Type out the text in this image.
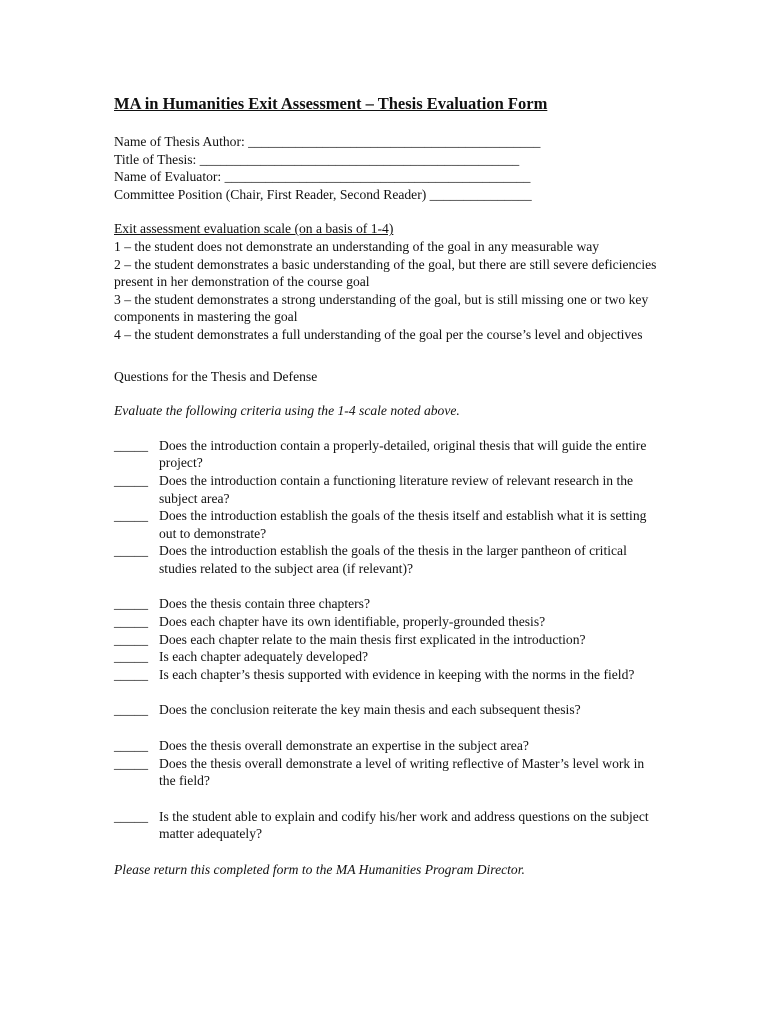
MA in Humanities Exit Assessment – Thesis Evaluation Form

Name of Thesis Author: ___________________________________________

Title of Thesis: _______________________________________________

Name of Evaluator: _____________________________________________

Committee Position (Chair, First Reader, Second Reader) _______________

Exit assessment evaluation scale (on a basis of 1-4)

1 – the student does not demonstrate an understanding of the goal in any measurable way

2 – the student demonstrates a basic understanding of the goal, but there are still severe deficiencies present in her demonstration of the course goal

3 – the student demonstrates a strong understanding of the goal, but is still missing one or two key components in mastering the goal

4 – the student demonstrates a full understanding of the goal per the course’s level and objectives

Questions for the Thesis and Defense

Evaluate the following criteria using the 1-4 scale noted above.

_____ Does the introduction contain a properly-detailed, original thesis that will guide the entire project?
_____ Does the introduction contain a functioning literature review of relevant research in the subject area?
_____ Does the introduction establish the goals of the thesis itself and establish what it is setting out to demonstrate?
_____ Does the introduction establish the goals of the thesis in the larger pantheon of critical studies related to the subject area (if relevant)?
_____ Does the thesis contain three chapters?
_____ Does each chapter have its own identifiable, properly-grounded thesis?
_____ Does each chapter relate to the main thesis first explicated in the introduction?
_____ Is each chapter adequately developed?
_____ Is each chapter’s thesis supported with evidence in keeping with the norms in the field?
_____ Does the conclusion reiterate the key main thesis and each subsequent thesis?
_____ Does the thesis overall demonstrate an expertise in the subject area?
_____ Does the thesis overall demonstrate a level of writing reflective of Master’s level work in the field?
_____ Is the student able to explain and codify his/her work and address questions on the subject matter adequately?

Please return this completed form to the MA Humanities Program Director.
